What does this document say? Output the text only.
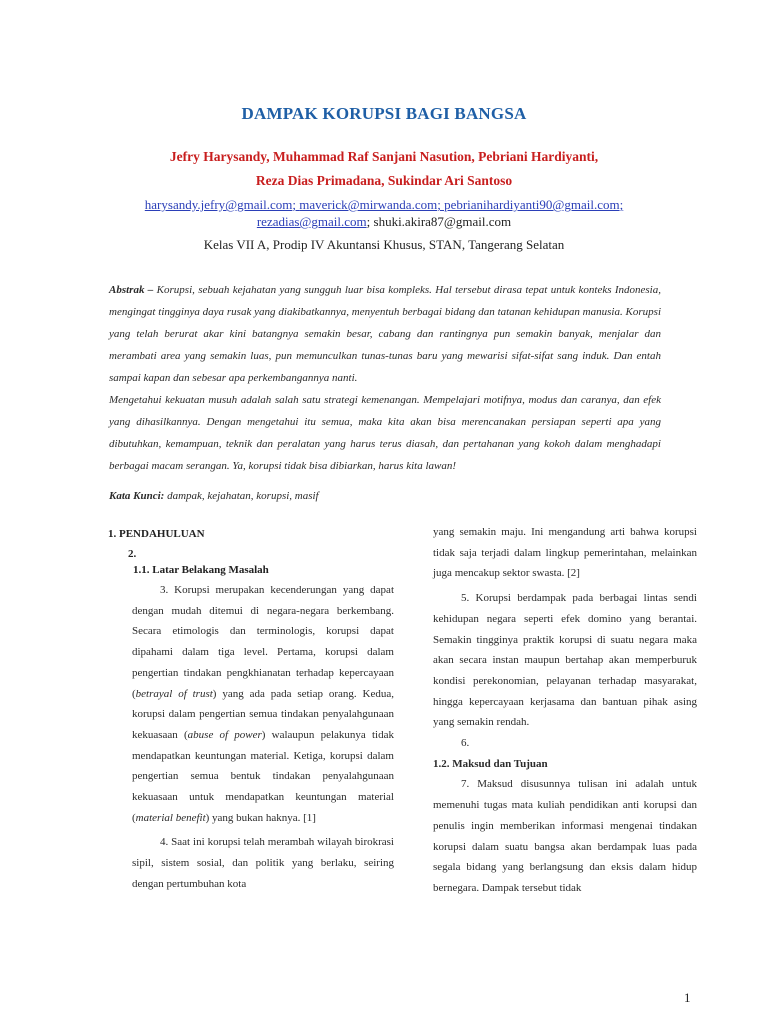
DAMPAK KORUPSI BAGI BANGSA
Jefry Harysandy, Muhammad Raf Sanjani Nasution, Pebriani Hardiyanti,
Reza Dias Primadana, Sukindar Ari Santoso
harysandy.jefry@gmail.com; maverick@mirwanda.com; pebrianihardiyanti90@gmail.com;
rezadias@gmail.com; shuki.akira87@gmail.com
Kelas VII A, Prodip IV Akuntansi Khusus, STAN, Tangerang Selatan

Abstrak – Korupsi, sebuah kejahatan yang sungguh luar bisa kompleks. Hal tersebut dirasa tepat untuk konteks Indonesia, mengingat tingginya daya rusak yang diakibatkannya, menyentuh berbagai bidang dan tatanan kehidupan manusia. Korupsi yang telah berurat akar kini batangnya semakin besar, cabang dan rantingnya pun semakin banyak, menjalar dan merambati area yang semakin luas, pun memunculkan tunas-tunas baru yang mewarisi sifat-sifat sang induk. Dan entah sampai kapan dan sebesar apa perkembangannya nanti.

Mengetahui kekuatan musuh adalah salah satu strategi kemenangan. Mempelajari motifnya, modus dan caranya, dan efek yang dihasilkannya. Dengan mengetahui itu semua, maka kita akan bisa merencanakan persiapan seperti apa yang dibutuhkan, kemampuan, teknik dan peralatan yang harus terus diasah, dan pertahanan yang kokoh dalam menghadapi berbagai macam serangan. Ya, korupsi tidak bisa dibiarkan, harus kita lawan!

Kata Kunci: dampak, kejahatan, korupsi, masif
1. PENDAHULUAN
2.
1.1. Latar Belakang Masalah

3. Korupsi merupakan kecenderungan yang dapat dengan mudah ditemui di negara-negara berkembang. Secara etimologis dan terminologis, korupsi dapat dipahami dalam tiga level. Pertama, korupsi dalam pengertian tindakan pengkhianatan terhadap kepercayaan (betrayal of trust) yang ada pada setiap orang. Kedua, korupsi dalam pengertian semua tindakan penyalahgunaan kekuasaan (abuse of power) walaupun pelakunya tidak mendapatkan keuntungan material. Ketiga, korupsi dalam pengertian semua bentuk tindakan penyalahgunaan kekuasaan untuk mendapatkan keuntungan material (material benefit) yang bukan haknya. [1]

4. Saat ini korupsi telah merambah wilayah birokrasi sipil, sistem sosial, dan politik yang berlaku, seiring dengan pertumbuhan kota

yang semakin maju. Ini mengandung arti bahwa korupsi tidak saja terjadi dalam lingkup pemerintahan, melainkan juga mencakup sektor swasta. [2]

5. Korupsi berdampak pada berbagai lintas sendi kehidupan negara seperti efek domino yang berantai. Semakin tingginya praktik korupsi di suatu negara maka akan secara instan maupun bertahap akan memperburuk kondisi perekonomian, pelayanan terhadap masyarakat, hingga kepercayaan kerjasama dan bantuan pihak asing yang semakin rendah.

6.

1.2. Maksud dan Tujuan

7. Maksud disusunnya tulisan ini adalah untuk memenuhi tugas mata kuliah pendidikan anti korupsi dan penulis ingin memberikan informasi mengenai tindakan korupsi dalam suatu bangsa akan berdampak luas pada segala bidang yang berlangsung dan eksis dalam hidup bernegara. Dampak tersebut tidak

1
